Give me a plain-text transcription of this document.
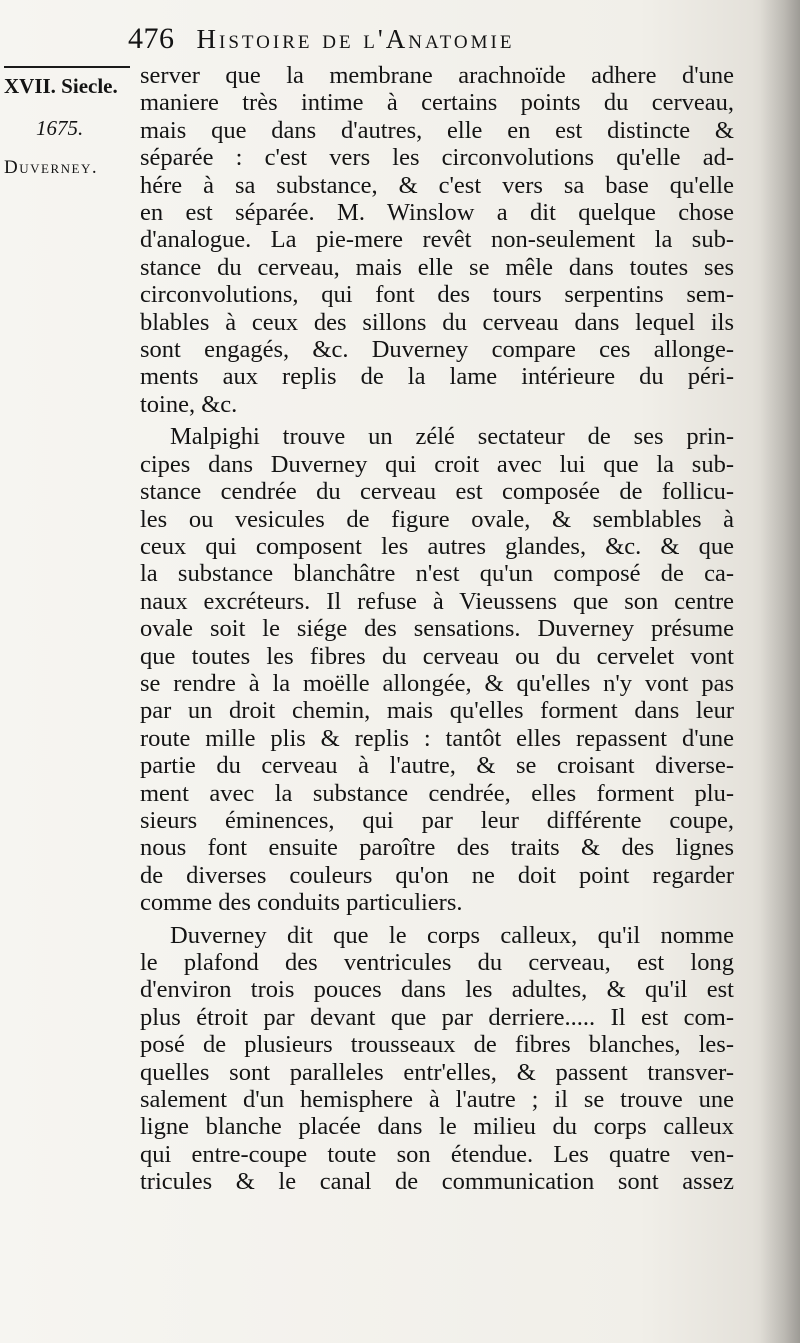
476 Histoire de l'Anatomie
XVII. Siecle.
1675.
Duverney.

server que la membrane arachnoïde adhere d'une
maniere très intime à certains points du cerveau,
mais que dans d'autres, elle en est distincte &
séparée : c'est vers les circonvolutions qu'elle ad-
hére à sa substance, & c'est vers sa base qu'elle
en est séparée. M. Winslow a dit quelque chose
d'analogue. La pie-mere revêt non-seulement la sub-
stance du cerveau, mais elle se mêle dans toutes ses
circonvolutions, qui font des tours serpentins sem-
blables à ceux des sillons du cerveau dans lequel ils
sont engagés, &c. Duverney compare ces allonge-
ments aux replis de la lame intérieure du péri-
toine, &c.

Malpighi trouve un zélé sectateur de ses prin-
cipes dans Duverney qui croit avec lui que la sub-
stance cendrée du cerveau est composée de follicu-
les ou vesicules de figure ovale, & semblables à
ceux qui composent les autres glandes, &c. & que
la substance blanchâtre n'est qu'un composé de ca-
naux excréteurs. Il refuse à Vieussens que son centre
ovale soit le siége des sensations. Duverney présume
que toutes les fibres du cerveau ou du cervelet vont
se rendre à la moëlle allongée, & qu'elles n'y vont pas
par un droit chemin, mais qu'elles forment dans leur
route mille plis & replis : tantôt elles repassent d'une
partie du cerveau à l'autre, & se croisant diverse-
ment avec la substance cendrée, elles forment plu-
sieurs éminences, qui par leur différente coupe,
nous font ensuite paroître des traits & des lignes
de diverses couleurs qu'on ne doit point regarder
comme des conduits particuliers.

Duverney dit que le corps calleux, qu'il nomme
le plafond des ventricules du cerveau, est long
d'environ trois pouces dans les adultes, & qu'il est
plus étroit par devant que par derriere..... Il est com-
posé de plusieurs trousseaux de fibres blanches, les-
quelles sont paralleles entr'elles, & passent transver-
salement d'un hemisphere à l'autre ; il se trouve une
ligne blanche placée dans le milieu du corps calleux
qui entre-coupe toute son étendue. Les quatre ven-
tricules & le canal de communication sont assez
